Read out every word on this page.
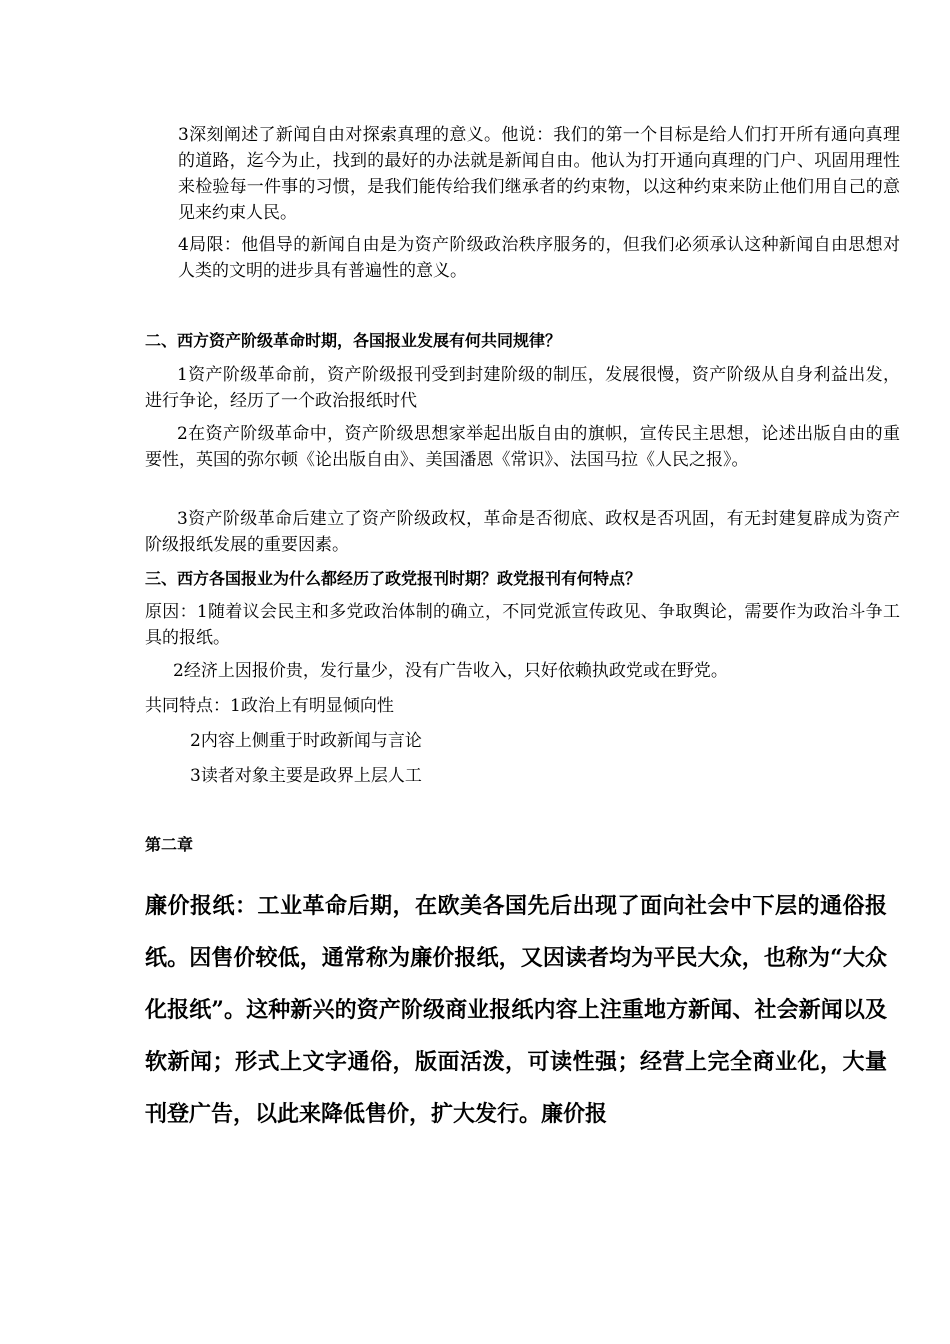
3深刻阐述了新闻自由对探索真理的意义。他说：我们的第一个目标是给人们打开所有通向真理的道路，迄今为止，找到的最好的办法就是新闻自由。他认为打开通向真理的门户、巩固用理性来检验每一件事的习惯，是我们能传给我们继承者的约束物，以这种约束来防止他们用自己的意见来约束人民。

4局限：他倡导的新闻自由是为资产阶级政治秩序服务的，但我们必须承认这种新闻自由思想对人类的文明的进步具有普遍性的意义。

二、西方资产阶级革命时期，各国报业发展有何共同规律？

1资产阶级革命前，资产阶级报刊受到封建阶级的制压，发展很慢，资产阶级从自身利益出发，进行争论，经历了一个政治报纸时代

2在资产阶级革命中，资产阶级思想家举起出版自由的旗帜，宣传民主思想，论述出版自由的重要性，英国的弥尔顿《论出版自由》、美国潘恩《常识》、法国马拉《人民之报》。

3资产阶级革命后建立了资产阶级政权，革命是否彻底、政权是否巩固，有无封建复辟成为资产阶级报纸发展的重要因素。

三、西方各国报业为什么都经历了政党报刊时期？政党报刊有何特点？

原因：1随着议会民主和多党政治体制的确立，不同党派宣传政见、争取舆论，需要作为政治斗争工具的报纸。

2经济上因报价贵，发行量少，没有广告收入，只好依赖执政党或在野党。

共同特点：1政治上有明显倾向性

2内容上侧重于时政新闻与言论

3读者对象主要是政界上层人工

第二章

廉价报纸：工业革命后期，在欧美各国先后出现了面向社会中下层的通俗报纸。因售价较低，通常称为廉价报纸，又因读者均为平民大众，也称为“大众化报纸”。这种新兴的资产阶级商业报纸内容上注重地方新闻、社会新闻以及软新闻；形式上文字通俗，版面活泼，可读性强；经营上完全商业化，大量刊登广告，以此来降低售价，扩大发行。廉价报
